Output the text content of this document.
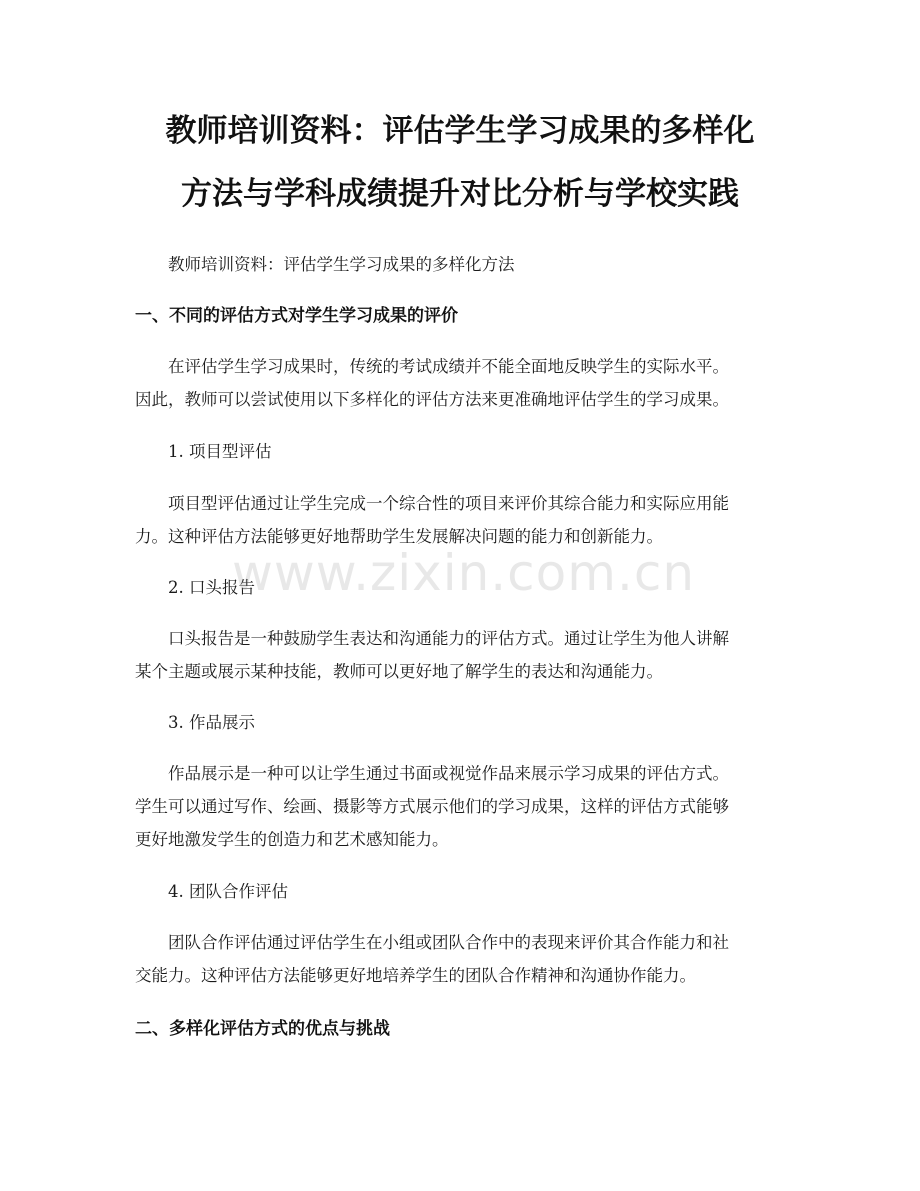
教师培训资料：评估学生学习成果的多样化
方法与学科成绩提升对比分析与学校实践
教师培训资料：评估学生学习成果的多样化方法
一、不同的评估方式对学生学习成果的评价
在评估学生学习成果时，传统的考试成绩并不能全面地反映学生的实际水平。
因此，教师可以尝试使用以下多样化的评估方法来更准确地评估学生的学习成果。
1. 项目型评估
项目型评估通过让学生完成一个综合性的项目来评价其综合能力和实际应用能
力。这种评估方法能够更好地帮助学生发展解决问题的能力和创新能力。
2. 口头报告
口头报告是一种鼓励学生表达和沟通能力的评估方式。通过让学生为他人讲解
某个主题或展示某种技能，教师可以更好地了解学生的表达和沟通能力。
3. 作品展示
作品展示是一种可以让学生通过书面或视觉作品来展示学习成果的评估方式。
学生可以通过写作、绘画、摄影等方式展示他们的学习成果，这样的评估方式能够
更好地激发学生的创造力和艺术感知能力。
4. 团队合作评估
团队合作评估通过评估学生在小组或团队合作中的表现来评价其合作能力和社
交能力。这种评估方法能够更好地培养学生的团队合作精神和沟通协作能力。
二、多样化评估方式的优点与挑战
www.zixin.com.cn
